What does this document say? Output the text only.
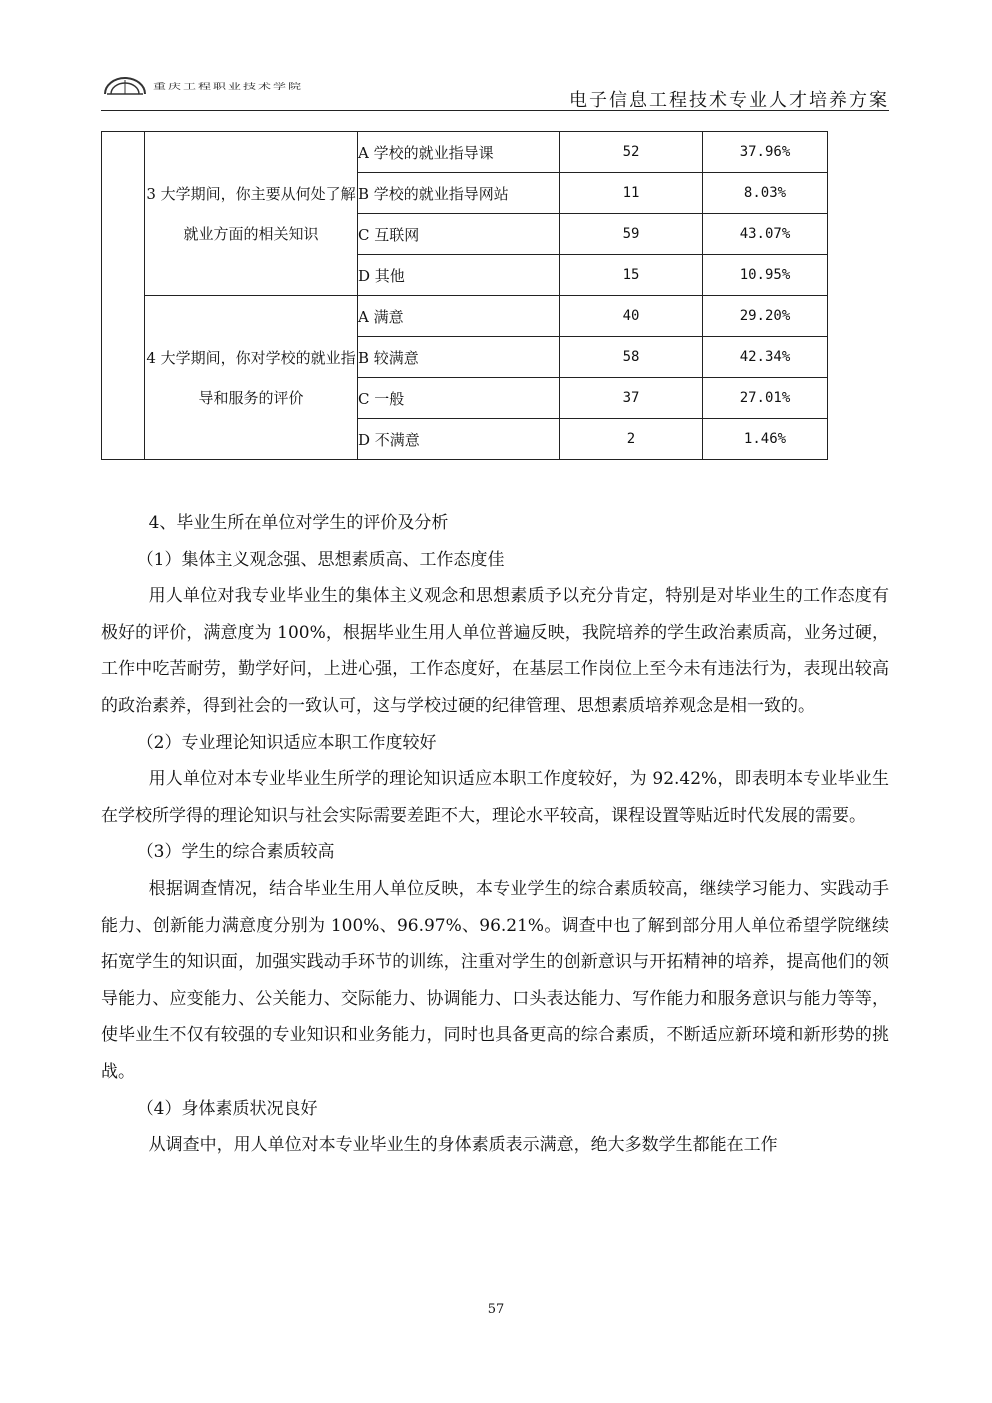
重庆工程职业技术学院
电子信息工程技术专业人才培养方案
	3 大学期间，你主要从何处了解就业方面的相关知识	A 学校的就业指导课	52	37.96%
		B 学校的就业指导网站	11	8.03%
		C 互联网	59	43.07%
		D 其他	15	10.95%
	4 大学期间，你对学校的就业指导和服务的评价	A 满意	40	29.20%
		B 较满意	58	42.34%
		C 一般	37	27.01%
		D 不满意	2	1.46%

4、毕业生所在单位对学生的评价及分析

（1）集体主义观念强、思想素质高、工作态度佳

用人单位对我专业毕业生的集体主义观念和思想素质予以充分肯定，特别是对毕业生的工作态度有极好的评价，满意度为 100%，根据毕业生用人单位普遍反映，我院培养的学生政治素质高，业务过硬，工作中吃苦耐劳，勤学好问，上进心强，工作态度好，在基层工作岗位上至今未有违法行为，表现出较高的政治素养，得到社会的一致认可，这与学校过硬的纪律管理、思想素质培养观念是相一致的。

（2）专业理论知识适应本职工作度较好

用人单位对本专业毕业生所学的理论知识适应本职工作度较好，为 92.42%，即表明本专业毕业生在学校所学得的理论知识与社会实际需要差距不大，理论水平较高，课程设置等贴近时代发展的需要。

（3）学生的综合素质较高

根据调查情况，结合毕业生用人单位反映，本专业学生的综合素质较高，继续学习能力、实践动手能力、创新能力满意度分别为 100%、96.97%、96.21%。调查中也了解到部分用人单位希望学院继续拓宽学生的知识面，加强实践动手环节的训练，注重对学生的创新意识与开拓精神的培养，提高他们的领导能力、应变能力、公关能力、交际能力、协调能力、口头表达能力、写作能力和服务意识与能力等等，使毕业生不仅有较强的专业知识和业务能力，同时也具备更高的综合素质，不断适应新环境和新形势的挑战。

（4）身体素质状况良好

从调查中，用人单位对本专业毕业生的身体素质表示满意，绝大多数学生都能在工作

57
